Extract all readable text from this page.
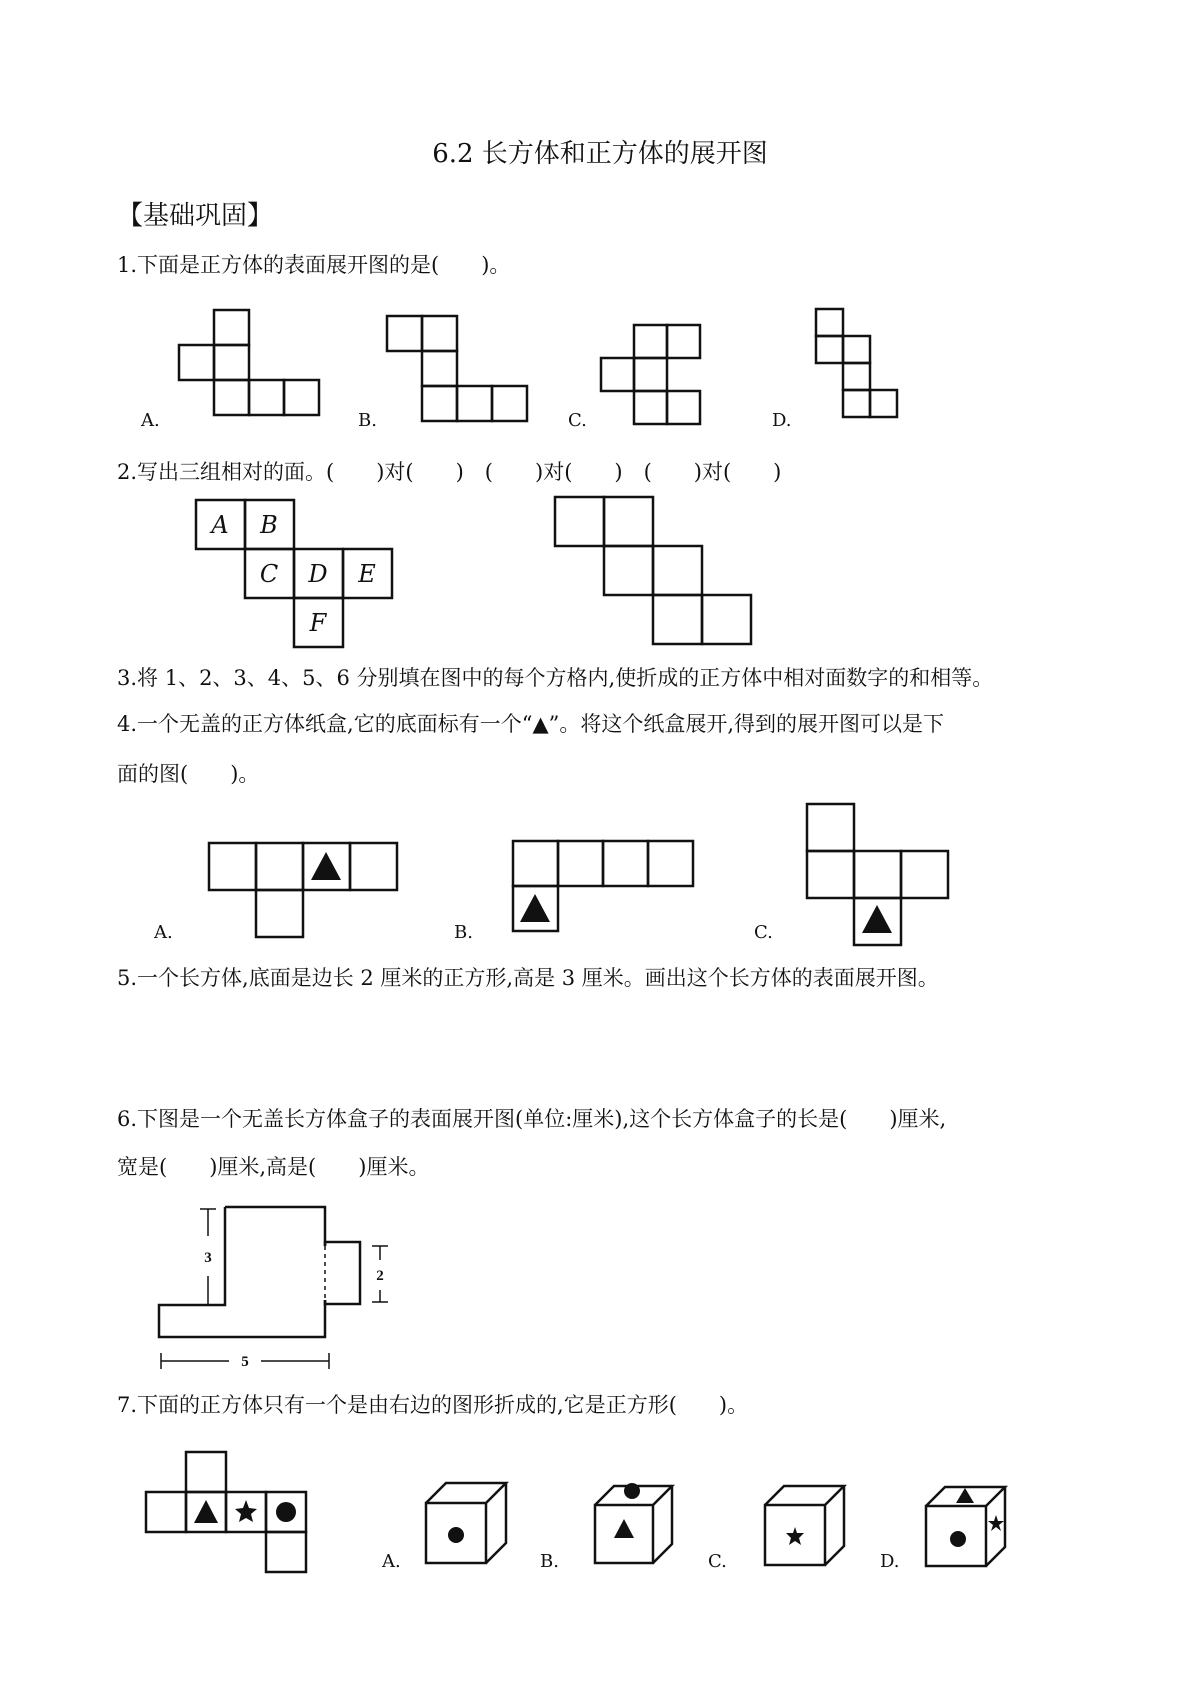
6.2 长方体和正方体的展开图
【基础巩固】
1.下面是正方体的表面展开图的是(　　)。
2.写出三组相对的面。(　　)对(　　)　(　　)对(　　)　(　　)对(　　)
3.将 1、2、3、4、5、6 分别填在图中的每个方格内,使折成的正方体中相对面数字的和相等。
4.一个无盖的正方体纸盒,它的底面标有一个“▲”。将这个纸盒展开,得到的展开图可以是下
面的图(　　)。
5.一个长方体,底面是边长 2 厘米的正方形,高是 3 厘米。画出这个长方体的表面展开图。
6.下图是一个无盖长方体盒子的表面展开图(单位:厘米),这个长方体盒子的长是(　　)厘米,
宽是(　　)厘米,高是(　　)厘米。
7.下面的正方体只有一个是由右边的图形折成的,它是正方形(　　)。
A.	B.	C.	D.
A.	B.	C.
A.	B.	C.	D.
A B
C D E
F
3
2
5
